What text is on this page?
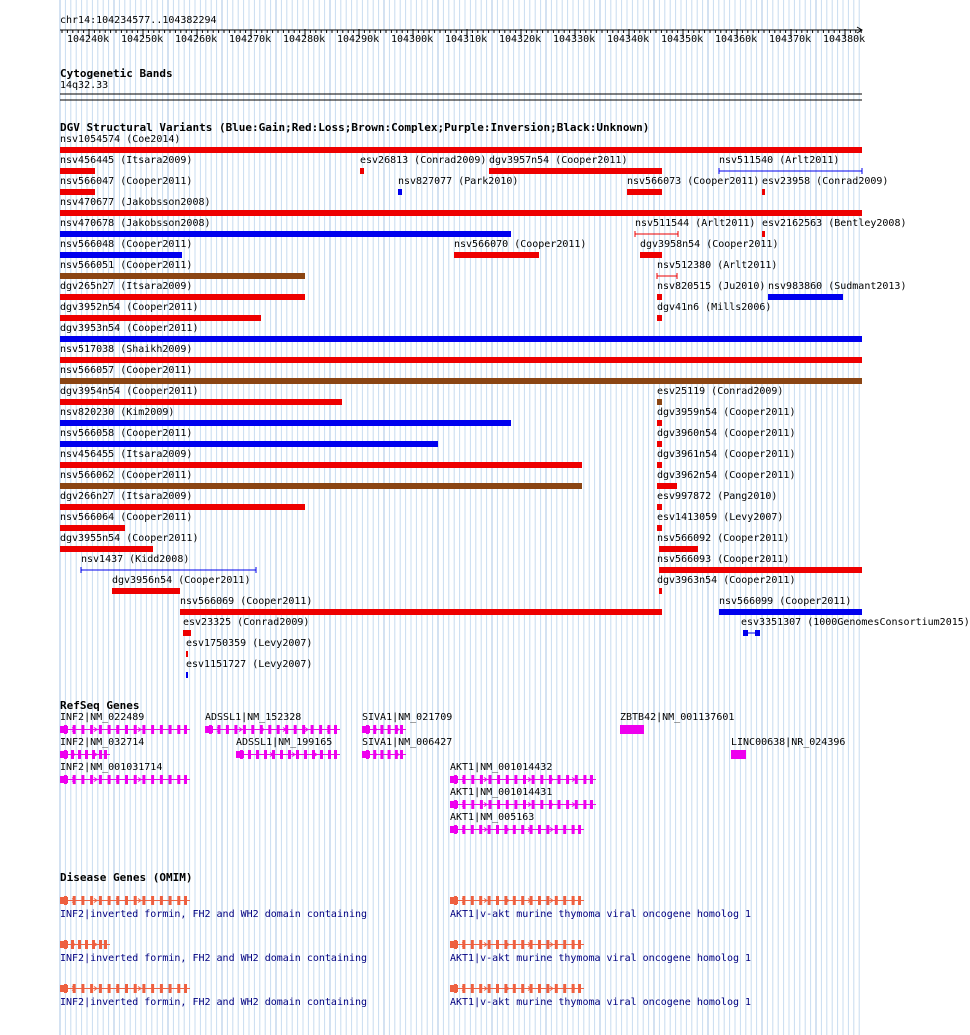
chr14:104234577..104382294
104240k 104250k 104260k 104270k 104280k 104290k 104300k 104310k 104320k 104330k 104340k 104350k 104360k 104370k 104380k
Cytogenetic Bands
14q32.33
DGV Structural Variants (Blue:Gain;Red:Loss;Brown:Complex;Purple:Inversion;Black:Unknown)
nsv1054574 (Coe2014)
nsv456445 (Itsara2009)	esv26813 (Conrad2009) dgv3957n54 (Cooper2011)	nsv511540 (Arlt2011)
nsv566047 (Cooper2011)	nsv827077 (Park2010)	nsv566073 (Cooper2011) esv23958 (Conrad2009)
nsv470677 (Jakobsson2008)
nsv470678 (Jakobsson2008)	nsv511544 (Arlt2011) esv2162563 (Bentley2008)
nsv566048 (Cooper2011)	nsv566070 (Cooper2011)	dgv3958n54 (Cooper2011)
nsv566051 (Cooper2011)	nsv512380 (Arlt2011)
dgv265n27 (Itsara2009)	nsv820515 (Ju2010) nsv983860 (Sudmant2013)
dgv3952n54 (Cooper2011)	dgv41n6 (Mills2006)
dgv3953n54 (Cooper2011)
nsv517038 (Shaikh2009)
nsv566057 (Cooper2011)
dgv3954n54 (Cooper2011)	esv25119 (Conrad2009)
nsv820230 (Kim2009)	dgv3959n54 (Cooper2011)
nsv566058 (Cooper2011)	dgv3960n54 (Cooper2011)
nsv456455 (Itsara2009)	dgv3961n54 (Cooper2011)
nsv566062 (Cooper2011)	dgv3962n54 (Cooper2011)
dgv266n27 (Itsara2009)	esv997872 (Pang2010)
nsv566064 (Cooper2011)	esv1413059 (Levy2007)
dgv3955n54 (Cooper2011)	nsv566092 (Cooper2011)
nsv1437 (Kidd2008)	nsv566093 (Cooper2011)
dgv3956n54 (Cooper2011)	dgv3963n54 (Cooper2011)
nsv566069 (Cooper2011)	nsv566099 (Cooper2011)
esv23325 (Conrad2009)	esv3351307 (1000GenomesConsortium2015)
esv1750359 (Levy2007)
esv1151727 (Levy2007)
RefSeq Genes
INF2|NM_022489	ADSSL1|NM_152328	SIVA1|NM_021709	ZBTB42|NM_001137601
INF2|NM_032714	ADSSL1|NM_199165	SIVA1|NM_006427	LINC00638|NR_024396
INF2|NM_001031714	AKT1|NM_001014432
AKT1|NM_001014431
AKT1|NM_005163
Disease Genes (OMIM)
INF2|inverted formin, FH2 and WH2 domain containing	AKT1|v-akt murine thymoma viral oncogene homolog 1
INF2|inverted formin, FH2 and WH2 domain containing	AKT1|v-akt murine thymoma viral oncogene homolog 1
INF2|inverted formin, FH2 and WH2 domain containing	AKT1|v-akt murine thymoma viral oncogene homolog 1
